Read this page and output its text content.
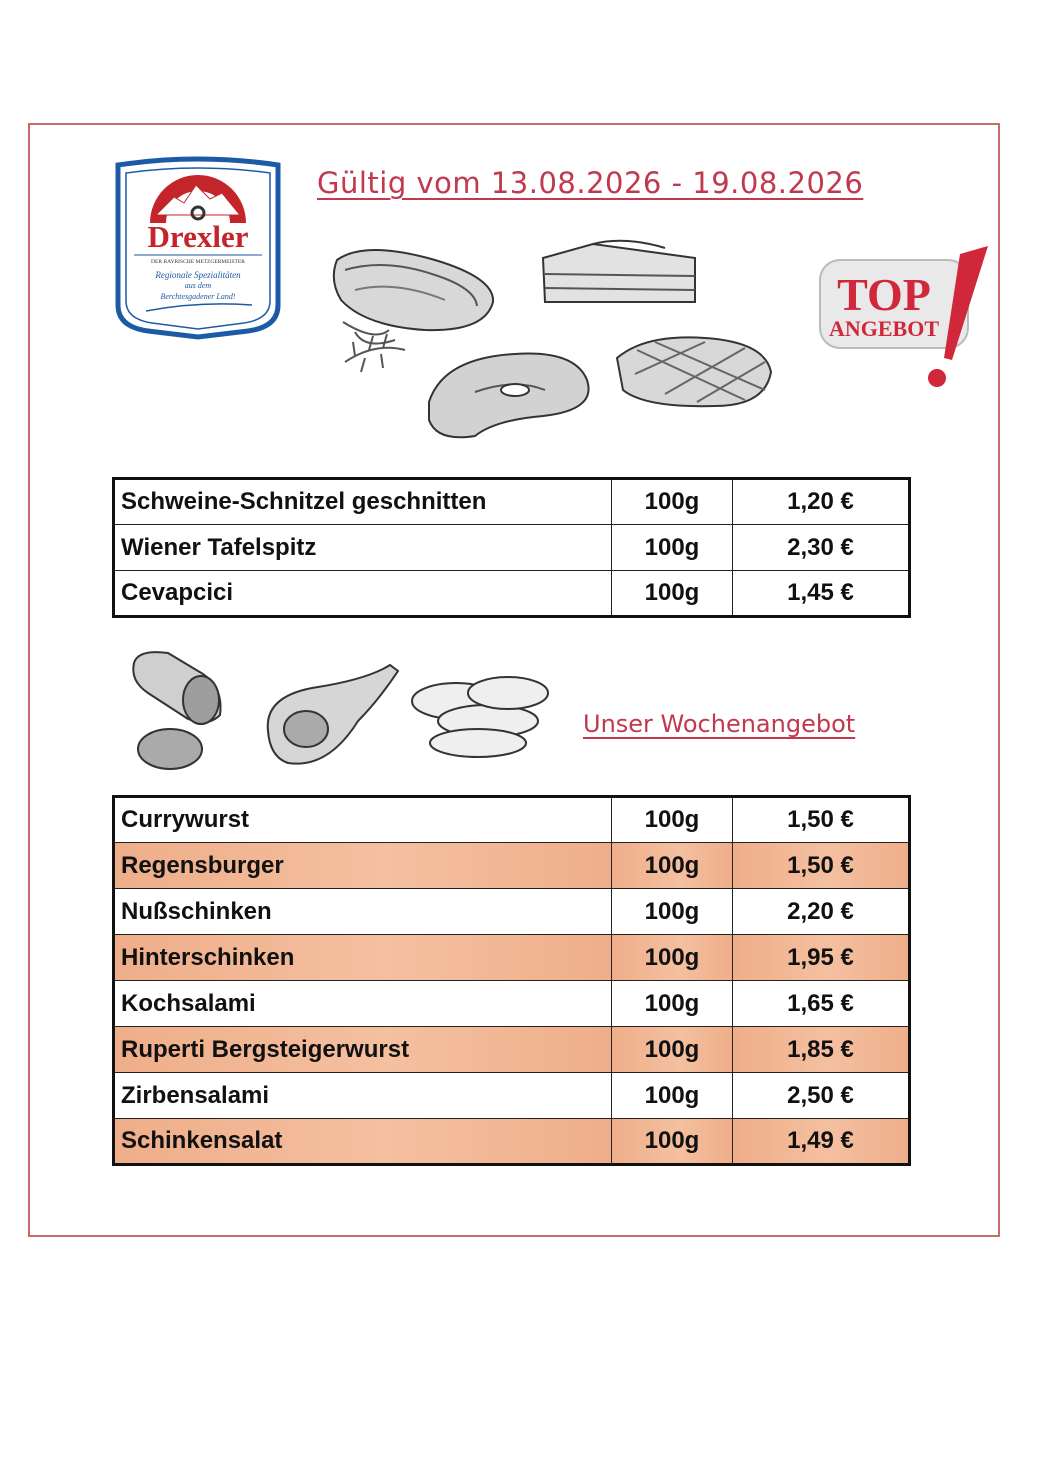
Drexler
DER BAYRISCHE METZGERMEISTER
Regionale Spezialitäten
aus dem
Berchtesgadener Land!
Gültig vom 13.08.2026 - 19.08.2026
TOP
ANGEBOT
Schweine-Schnitzel geschnitten	100g	1,20 €
Wiener Tafelspitz	100g	2,30 €
Cevapcici	100g	1,45 €
Unser Wochenangebot
Currywurst	100g	1,50 €
Regensburger	100g	1,50 €
Nußschinken	100g	2,20 €
Hinterschinken	100g	1,95 €
Kochsalami	100g	1,65 €
Ruperti Bergsteigerwurst	100g	1,85 €
Zirbensalami	100g	2,50 €
Schinkensalat	100g	1,49 €
